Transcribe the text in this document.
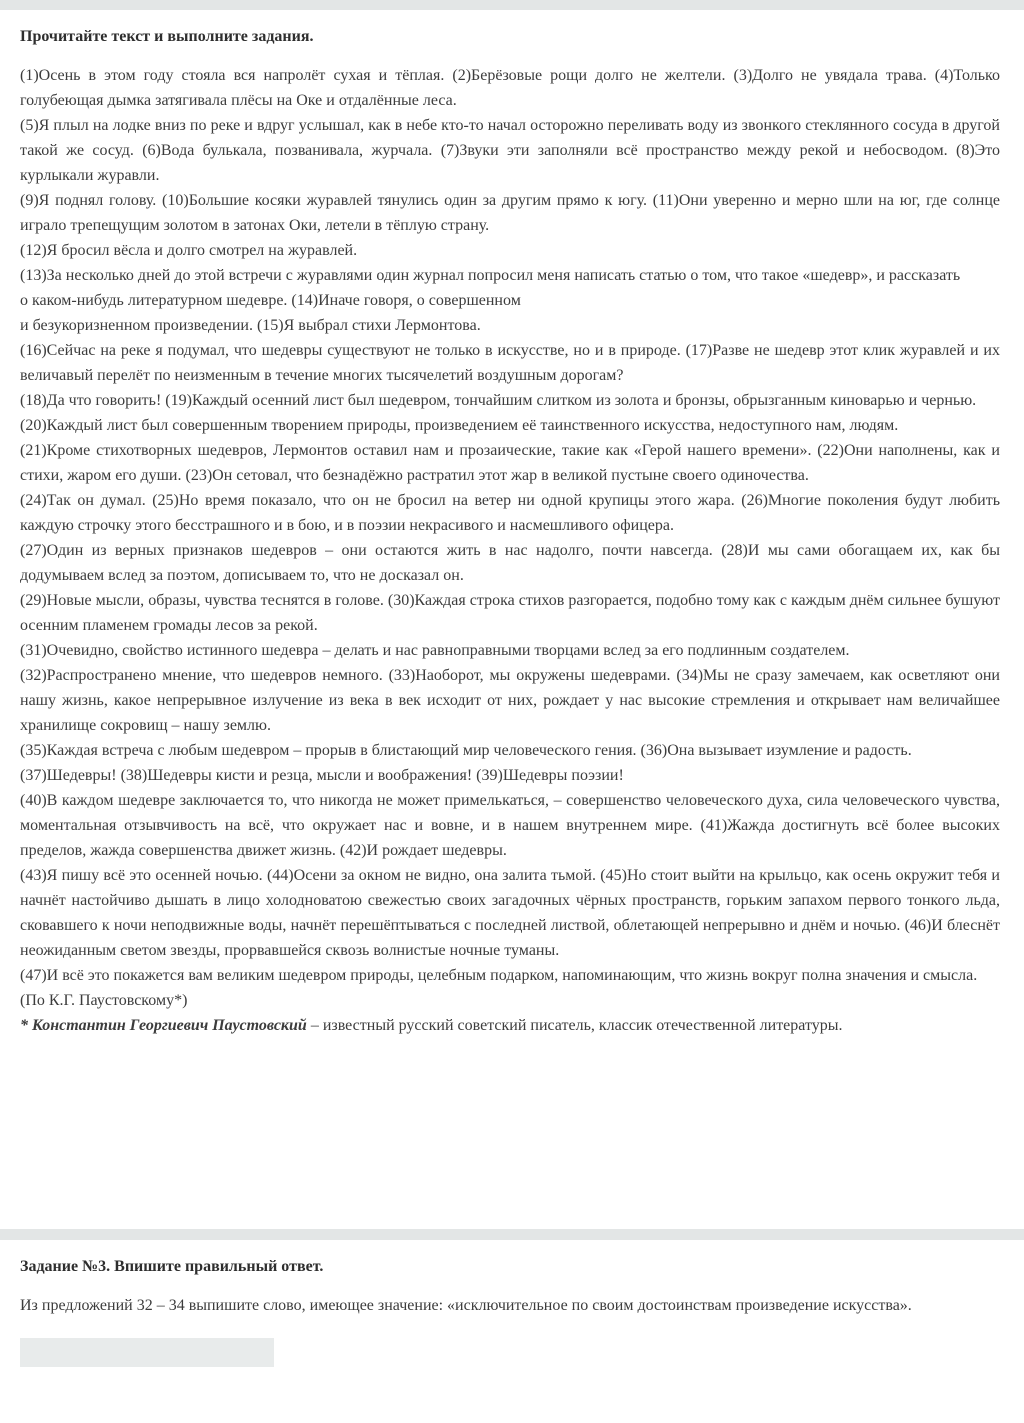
Прочитайте текст и выполните задания.

(1)Осень в этом году стояла вся напролёт сухая и тёплая. (2)Берёзовые рощи долго не желтели. (3)Долго не увядала трава. (4)Только голубеющая дымка затягивала плёсы на Оке и отдалённые леса.

(5)Я плыл на лодке вниз по реке и вдруг услышал, как в небе кто-то начал осторожно переливать воду из звонкого стеклянного сосуда в другой такой же сосуд. (6)Вода булькала, позванивала, журчала. (7)Звуки эти заполняли всё пространство между рекой и небосводом. (8)Это курлыкали журавли.

(9)Я поднял голову. (10)Большие косяки журавлей тянулись один за другим прямо к югу. (11)Они уверенно и мерно шли на юг, где солнце играло трепещущим золотом в затонах Оки, летели в тёплую страну.

(12)Я бросил вёсла и долго смотрел на журавлей.

(13)За несколько дней до этой встречи с журавлями один журнал попросил меня написать статью о том, что такое «шедевр», и рассказать

о каком-нибудь литературном шедевре. (14)Иначе говоря, о совершенном

и безукоризненном произведении. (15)Я выбрал стихи Лермонтова.

(16)Сейчас на реке я подумал, что шедевры существуют не только в искусстве, но и в природе. (17)Разве не шедевр этот клик журавлей и их величавый перелёт по неизменным в течение многих тысячелетий воздушным дорогам?

(18)Да что говорить! (19)Каждый осенний лист был шедевром, тончайшим слитком из золота и бронзы, обрызганным киноварью и чернью.

(20)Каждый лист был совершенным творением природы, произведением её таинственного искусства, недоступного нам, людям.

(21)Кроме стихотворных шедевров, Лермонтов оставил нам и прозаические, такие как «Герой нашего времени». (22)Они наполнены, как и стихи, жаром его души. (23)Он сетовал, что безнадёжно растратил этот жар в великой пустыне своего одиночества.

(24)Так он думал. (25)Но время показало, что он не бросил на ветер ни одной крупицы этого жара. (26)Многие поколения будут любить каждую строчку этого бесстрашного и в бою, и в поэзии некрасивого и насмешливого офицера.

(27)Один из верных признаков шедевров – они остаются жить в нас надолго, почти навсегда. (28)И мы сами обогащаем их, как бы додумываем вслед за поэтом, дописываем то, что не досказал он.

(29)Новые мысли, образы, чувства теснятся в голове. (30)Каждая строка стихов разгорается, подобно тому как с каждым днём сильнее бушуют осенним пламенем громады лесов за рекой.

(31)Очевидно, свойство истинного шедевра – делать и нас равноправными творцами вслед за его подлинным создателем.

(32)Распространено мнение, что шедевров немного. (33)Наоборот, мы окружены шедеврами. (34)Мы не сразу замечаем, как осветляют они нашу жизнь, какое непрерывное излучение из века в век исходит от них, рождает у нас высокие стремления и открывает нам величайшее хранилище сокровищ – нашу землю.

(35)Каждая встреча с любым шедевром – прорыв в блистающий мир человеческого гения. (36)Она вызывает изумление и радость.

(37)Шедевры! (38)Шедевры кисти и резца, мысли и воображения! (39)Шедевры поэзии!

(40)В каждом шедевре заключается то, что никогда не может примелькаться, – совершенство человеческого духа, сила человеческого чувства, моментальная отзывчивость на всё, что окружает нас и вовне, и в нашем внутреннем мире. (41)Жажда достигнуть всё более высоких пределов, жажда совершенства движет жизнь. (42)И рождает шедевры.

(43)Я пишу всё это осенней ночью. (44)Осени за окном не видно, она залита тьмой. (45)Но стоит выйти на крыльцо, как осень окружит тебя и начнёт настойчиво дышать в лицо холодноватою свежестью своих загадочных чёрных пространств, горьким запахом первого тонкого льда, сковавшего к ночи неподвижные воды, начнёт перешёптываться с последней листвой, облетающей непрерывно и днём и ночью. (46)И блеснёт неожиданным светом звезды, прорвавшейся сквозь волнистые ночные туманы.

(47)И всё это покажется вам великим шедевром природы, целебным подарком, напоминающим, что жизнь вокруг полна значения и смысла.

(По К.Г. Паустовскому*)

* Константин Георгиевич Паустовский – известный русский советский писатель, классик отечественной литературы.

Задание №3. Впишите правильный ответ.

Из предложений 32 – 34 выпишите слово, имеющее значение: «исключительное по своим достоинствам произведение искусства».
